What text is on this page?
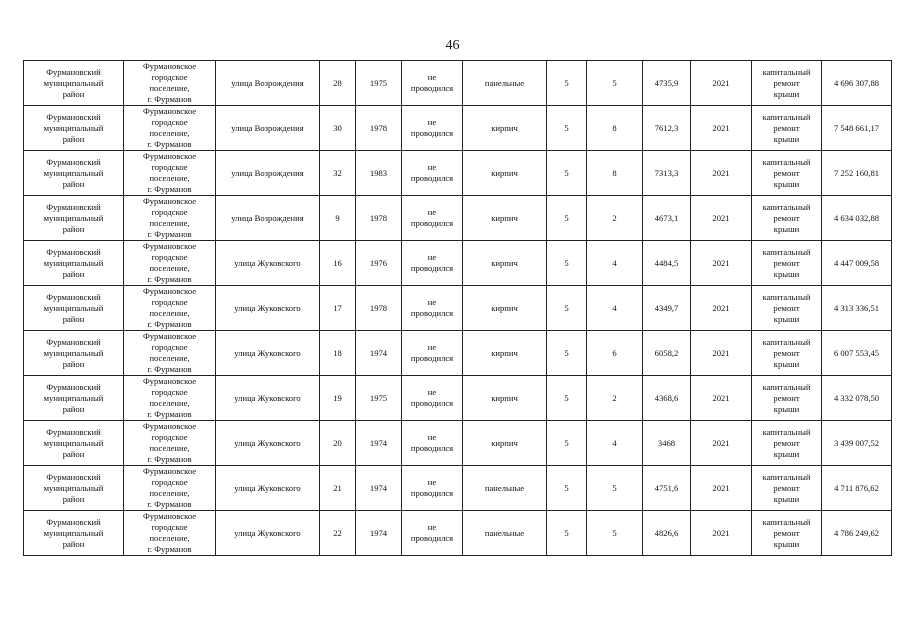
46
Фурмановский
муниципальный
район	Фурмановское
городское
поселение,
г. Фурманов	улица Возрождения	28	1975	не
проводился	панельные	5	5	4735,9	2021	капитальный
ремонт
крыши	4 696 307,88
Фурмановский
муниципальный
район	Фурмановское
городское
поселение,
г. Фурманов	улица Возрождения	30	1978	не
проводился	кирпич	5	8	7612,3	2021	капитальный
ремонт
крыши	7 548 661,17
Фурмановский
муниципальный
район	Фурмановское
городское
поселение,
г. Фурманов	улица Возрождения	32	1983	не
проводился	кирпич	5	8	7313,3	2021	капитальный
ремонт
крыши	7 252 160,81
Фурмановский
муниципальный
район	Фурмановское
городское
поселение,
г. Фурманов	улица Возрождения	9	1978	не
проводился	кирпич	5	2	4673,1	2021	капитальный
ремонт
крыши	4 634 032,88
Фурмановский
муниципальный
район	Фурмановское
городское
поселение,
г. Фурманов	улица Жуковского	16	1976	не
проводился	кирпич	5	4	4484,5	2021	капитальный
ремонт
крыши	4 447 009,58
Фурмановский
муниципальный
район	Фурмановское
городское
поселение,
г. Фурманов	улица Жуковского	17	1978	не
проводился	кирпич	5	4	4349,7	2021	капитальный
ремонт
крыши	4 313 336,51
Фурмановский
муниципальный
район	Фурмановское
городское
поселение,
г. Фурманов	улица Жуковского	18	1974	не
проводился	кирпич	5	6	6058,2	2021	капитальный
ремонт
крыши	6 007 553,45
Фурмановский
муниципальный
район	Фурмановское
городское
поселение,
г. Фурманов	улица Жуковского	19	1975	не
проводился	кирпич	5	2	4368,6	2021	капитальный
ремонт
крыши	4 332 078,50
Фурмановский
муниципальный
район	Фурмановское
городское
поселение,
г. Фурманов	улица Жуковского	20	1974	не
проводился	кирпич	5	4	3468	2021	капитальный
ремонт
крыши	3 439 007,52
Фурмановский
муниципальный
район	Фурмановское
городское
поселение,
г. Фурманов	улица Жуковского	21	1974	не
проводился	панельные	5	5	4751,6	2021	капитальный
ремонт
крыши	4 711 876,62
Фурмановский
муниципальный
район	Фурмановское
городское
поселение,
г. Фурманов	улица Жуковского	22	1974	не
проводился	панельные	5	5	4826,6	2021	капитальный
ремонт
крыши	4 786 249,62
